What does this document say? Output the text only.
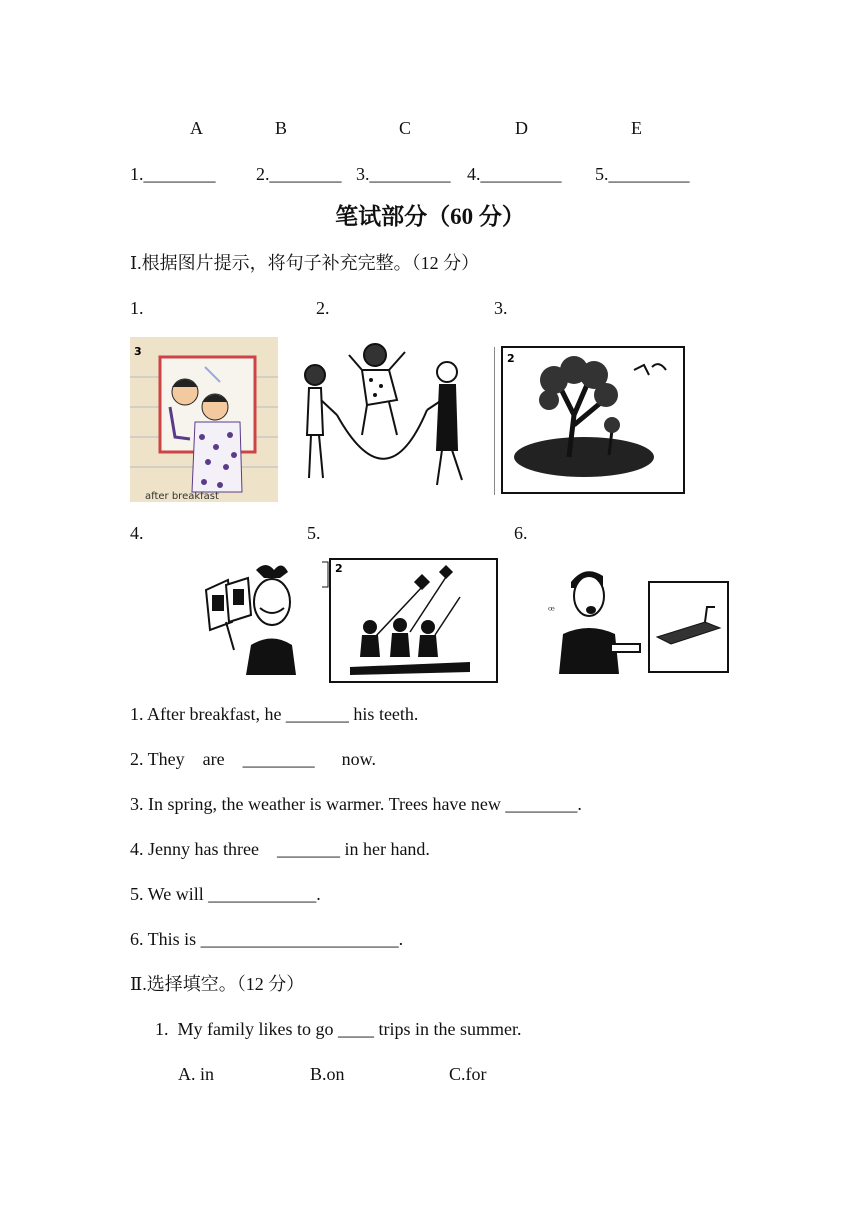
A	B	C	D	E
1.________ 2.________ 3._________ 4._________ 5._________
笔试部分（60 分）
Ⅰ.根据图片提示，将句子补充完整。（12 分）
1.	2.	3.
3
after breakfast
2
4.	5.	6.
2
ꟹ
1. After breakfast, he _______ his teeth.
2. They    are    ________      now.
3. In spring, the weather is warmer. Trees have new ________.
4. Jenny has three    _______ in her hand.
5. We will ____________.
6. This is ______________________.
Ⅱ.选择填空。（12 分）
1.  My family likes to go ____ trips in the summer.
A. in	B.on	C.for
